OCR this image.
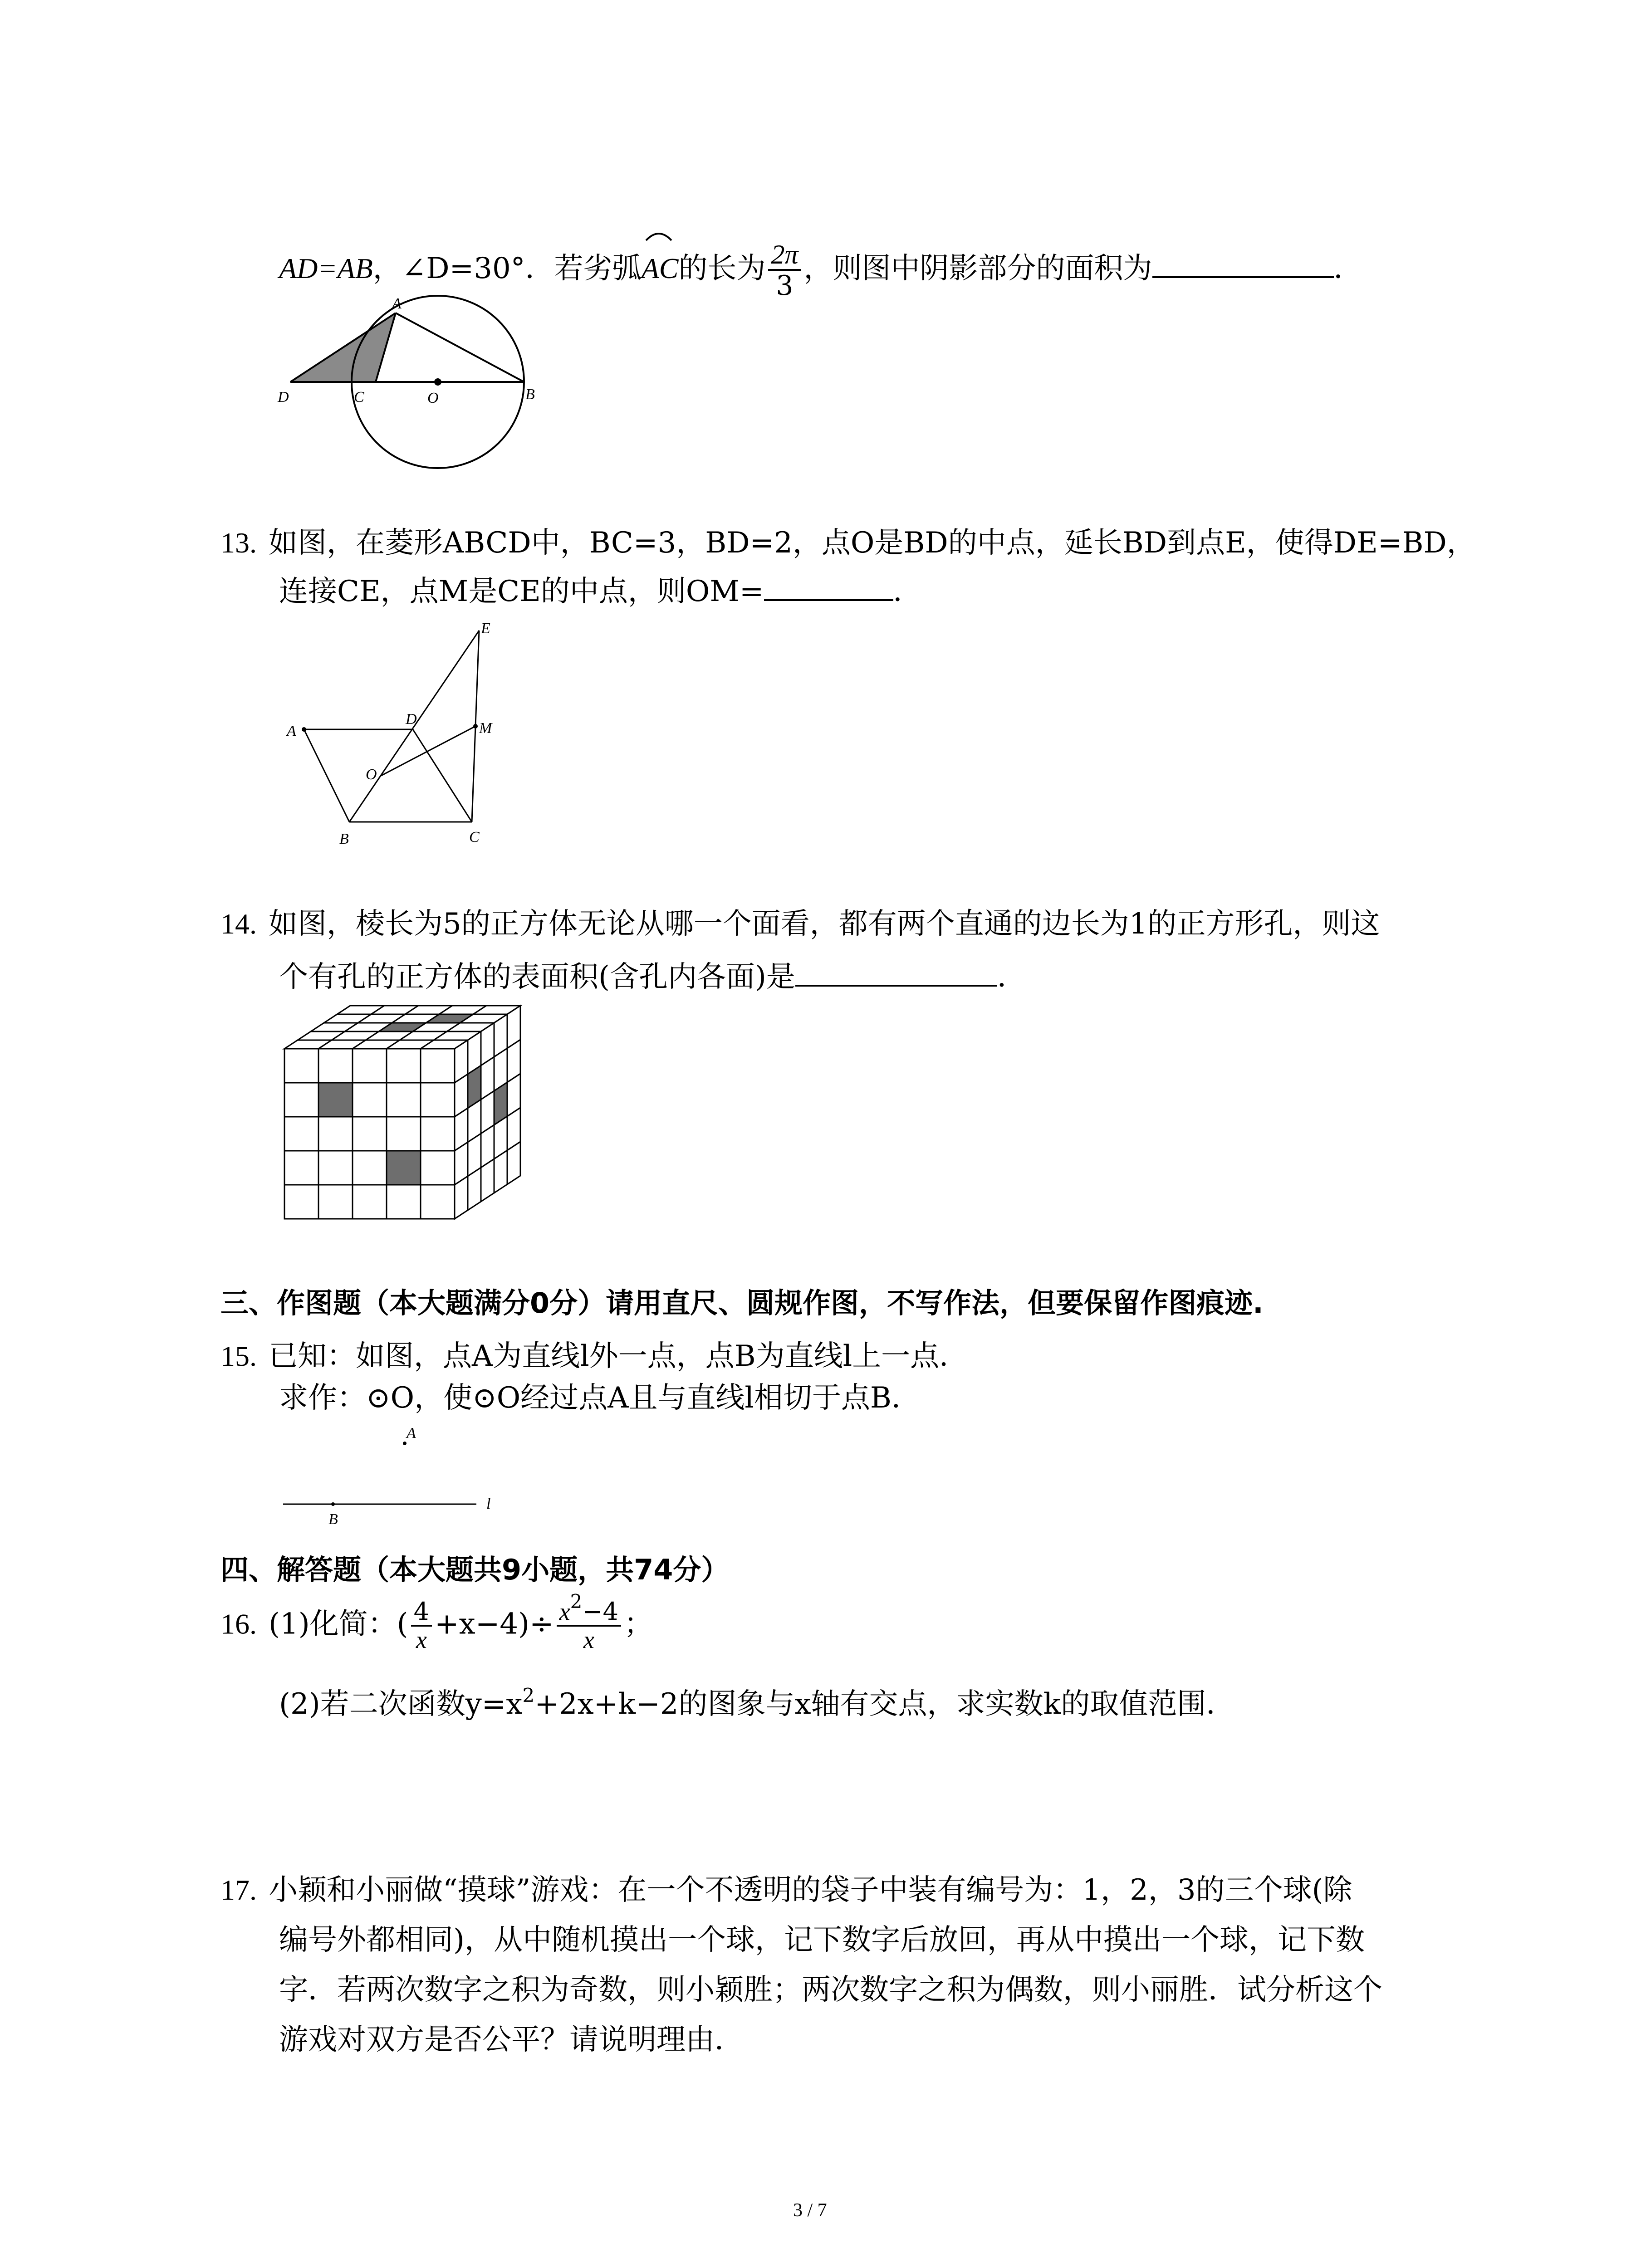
AD=AB，∠D=30°．若劣弧AC
的长为 $\frac{2\pi}{3}$ ，则图中阴影部分的面积为	．
A
D	C	O	B
13. 如图，在菱形ABCD中，BC=3，BD=2，点O是BD的中点，延长BD到点E，使得DE=BD，
连接CE，点M是CE的中点，则OM=	．
A
B	C
D
E
M
O
14. 如图，棱长为5的正方体无论从哪一个面看，都有两个直通的边长为1的正方形孔，则这
个有孔的正方体的表面积(含孔内各面)是	．
三、作图题（本大题满分0分）请用直尺、圆规作图，不写作法，但要保留作图痕迹.
15. 已知：如图，点A为直线l外一点，点B为直线l上一点．
求作：⊙O，使⊙O经过点A且与直线l相切于点B．
A
B
l
四、解答题（本大题共9小题，共74分）
16. (1)化简：( $\frac{4}{x} +x-4)\div \frac{x^2-4}{x}$ ；
(2)若二次函数$y=x^2+2x+k-2$的图象与x轴有交点，求实数k的取值范围．
17. 小颖和小丽做“摸球”游戏：在一个不透明的袋子中装有编号为：1，2，3的三个球(除
编号外都相同)，从中随机摸出一个球，记下数字后放回，再从中摸出一个球，记下数
字．若两次数字之积为奇数，则小颖胜；两次数字之积为偶数，则小丽胜．试分析这个
游戏对双方是否公平？请说明理由．
3 / 7
